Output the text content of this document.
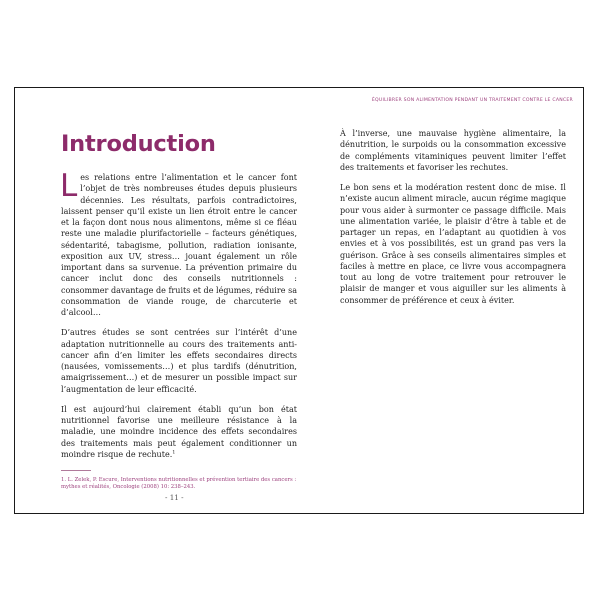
ÉQUILIBRER SON ALIMENTATION PENDANT UN TRAITEMENT CONTRE LE CANCER
Introduction

Les relations entre l’alimentation et le cancer font l’objet de très nombreuses études depuis plusieurs décennies. Les résultats, parfois contradictoires, laissent penser qu’il existe un lien étroit entre le cancer et la façon dont nous nous alimentons, même si ce fléau reste une maladie plurifactorielle – facteurs génétiques, sédentarité, tabagisme, pollution, radiation ionisante, exposition aux UV, stress… jouant également un rôle important dans sa survenue. La prévention primaire du cancer inclut donc des conseils nutritionnels : consommer davantage de fruits et de légumes, réduire sa consommation de viande rouge, de charcuterie et d’alcool…

D’autres études se sont centrées sur l’intérêt d’une adaptation nutritionnelle au cours des traitements anti-cancer afin d’en limiter les effets secondaires directs (nausées, vomissements…) et plus tardifs (dénutrition, amaigrissement…) et de mesurer un possible impact sur l’augmentation de leur efficacité.

Il est aujourd’hui clairement établi qu’un bon état nutritionnel favorise une meilleure résistance à la maladie, une moindre incidence des effets secondaires des traitements mais peut également conditionner un moindre risque de rechute.$^1$

1. L. Zelek, P. Escure, Interventions nutritionnelles et prévention tertiaire des cancers : mythes et réalités, Oncologie (2008) 10: 238–243.

- 11 -

À l’inverse, une mauvaise hygiène alimentaire, la dénutrition, le surpoids ou la consommation excessive de compléments vitaminiques peuvent limiter l’effet des traitements et favoriser les rechutes.

Le bon sens et la modération restent donc de mise. Il n’existe aucun aliment miracle, aucun régime magique pour vous aider à surmonter ce passage difficile. Mais une alimentation variée, le plaisir d’être à table et de partager un repas, en l’adaptant au quotidien à vos envies et à vos possibilités, est un grand pas vers la guérison. Grâce à ses conseils alimentaires simples et faciles à mettre en place, ce livre vous accompagnera tout au long de votre traitement pour retrouver le plaisir de manger et vous aiguiller sur les aliments à consommer de préférence et ceux à éviter.
